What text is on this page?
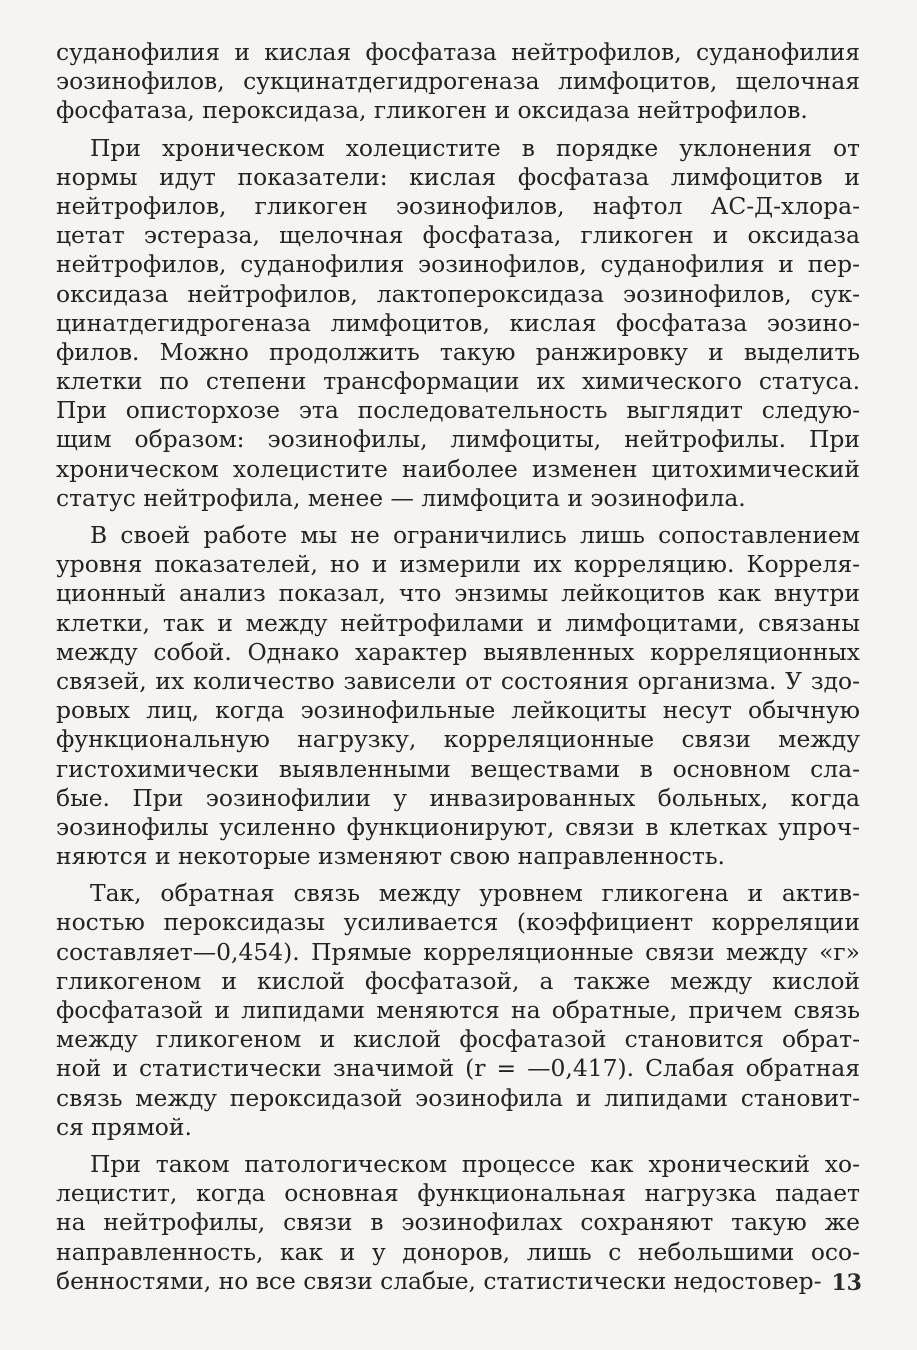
суданофилия и кислая фосфатаза нейтрофилов, суданофилия
эозинофилов, сукцинатдегидрогеназа лимфоцитов, щелочная
фосфатаза, пероксидаза, гликоген и оксидаза нейтрофилов.
При хроническом холецистите в порядке уклонения от
нормы идут показатели: кислая фосфатаза лимфоцитов и
нейтрофилов, гликоген эозинофилов, нафтол АС-Д-хлора-
цетат эстераза, щелочная фосфатаза, гликоген и оксидаза
нейтрофилов, суданофилия эозинофилов, суданофилия и пер-
оксидаза нейтрофилов, лактопероксидаза эозинофилов, сук-
цинатдегидрогеназа лимфоцитов, кислая фосфатаза эозино-
филов. Можно продолжить такую ранжировку и выделить
клетки по степени трансформации их химического статуса.
При описторхозе эта последовательность выглядит следую-
щим образом: эозинофилы, лимфоциты, нейтрофилы. При
хроническом холецистите наиболее изменен цитохимический
статус нейтрофила, менее — лимфоцита и эозинофила.
В своей работе мы не ограничились лишь сопоставлением
уровня показателей, но и измерили их корреляцию. Корреля-
ционный анализ показал, что энзимы лейкоцитов как внутри
клетки, так и между нейтрофилами и лимфоцитами, связаны
между собой. Однако характер выявленных корреляционных
связей, их количество зависели от состояния организма. У здо-
ровых лиц, когда эозинофильные лейкоциты несут обычную
функциональную нагрузку, корреляционные связи между
гистохимически выявленными веществами в основном сла-
бые. При эозинофилии у инвазированных больных, когда
эозинофилы усиленно функционируют, связи в клетках упроч-
няются и некоторые изменяют свою направленность.
Так, обратная связь между уровнем гликогена и актив-
ностью пероксидазы усиливается (коэффициент корреляции
составляет—0,454). Прямые корреляционные связи между «г»
гликогеном и кислой фосфатазой, а также между кислой
фосфатазой и липидами меняются на обратные, причем связь
между гликогеном и кислой фосфатазой становится обрат-
ной и статистически значимой (r = —0,417). Слабая обратная
связь между пероксидазой эозинофила и липидами становит-
ся прямой.
При таком патологическом процессе как хронический хо-
лецистит, когда основная функциональная нагрузка падает
на нейтрофилы, связи в эозинофилах сохраняют такую же
направленность, как и у доноров, лишь с небольшими осо-
бенностями, но все связи слабые, статистически недостовер- 13
